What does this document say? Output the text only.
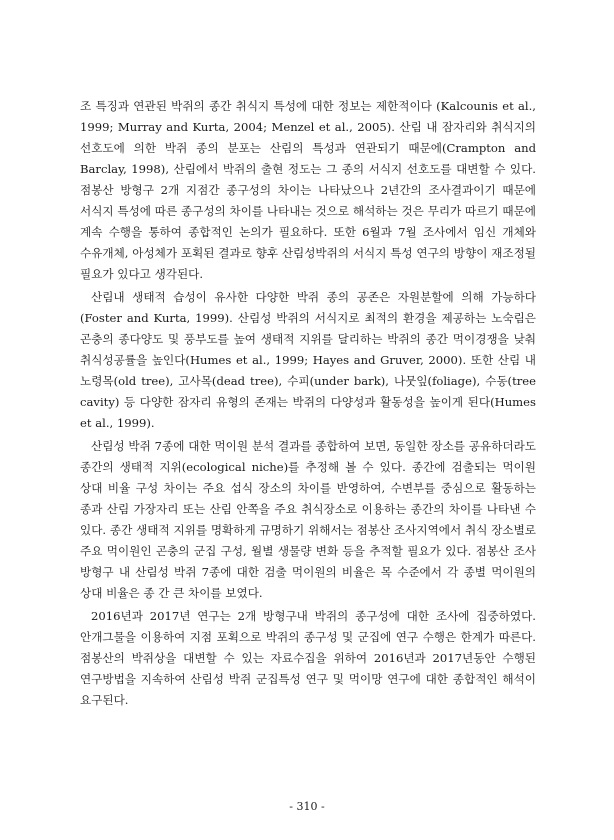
조 특징과 연관된 박쥐의 종간 취식지 특성에 대한 정보는 제한적이다 (Kalcounis et al., 1999; Murray and Kurta, 2004; Menzel et al., 2005). 산림 내 잠자리와 취식지의 선호도에 의한 박쥐 종의 분포는 산림의 특성과 연관되기 때문에(Crampton and Barclay, 1998), 산림에서 박쥐의 출현 정도는 그 종의 서식지 선호도를 대변할 수 있다. 점봉산 방형구 2개 지점간 종구성의 차이는 나타났으나 2년간의 조사결과이기 때문에 서식지 특성에 따른 종구성의 차이를 나타내는 것으로 해석하는 것은 무리가 따르기 때문에 계속 수행을 통하여 종합적인 논의가 필요하다. 또한 6월과 7월 조사에서 임신 개체와 수유개체, 아성체가 포획된 결과로 향후 산림성박쥐의 서식지 특성 연구의 방향이 재조정될 필요가 있다고 생각된다.

산림내 생태적 습성이 유사한 다양한 박쥐 종의 공존은 자원분할에 의해 가능하다(Foster and Kurta, 1999). 산림성 박쥐의 서식지로 최적의 환경을 제공하는 노숙림은 곤충의 종다양도 및 풍부도를 높여 생태적 지위를 달리하는 박쥐의 종간 먹이경쟁을 낮춰 취식성공률을 높인다(Humes et al., 1999; Hayes and Gruver, 2000). 또한 산림 내 노령목(old tree), 고사목(dead tree), 수피(under bark), 나뭇잎(foliage), 수동(tree cavity) 등 다양한 잠자리 유형의 존재는 박쥐의 다양성과 활동성을 높이게 된다(Humes et al., 1999).

산림성 박쥐 7종에 대한 먹이원 분석 결과를 종합하여 보면, 동일한 장소를 공유하더라도 종간의 생태적 지위(ecological niche)를 추정해 볼 수 있다. 종간에 검출되는 먹이원 상대 비율 구성 차이는 주요 섭식 장소의 차이를 반영하여, 수변부를 중심으로 활동하는 종과 산림 가장자리 또는 산림 안쪽을 주요 취식장소로 이용하는 종간의 차이를 나타낸 수 있다. 종간 생태적 지위를 명확하게 규명하기 위해서는 점봉산 조사지역에서 취식 장소별로 주요 먹이원인 곤충의 군집 구성, 월별 생물량 변화 등을 추적할 필요가 있다. 점봉산 조사 방형구 내 산림성 박쥐 7종에 대한 검출 먹이원의 비율은 목 수준에서 각 종별 먹이원의 상대 비율은 종 간 큰 차이를 보였다.

2016년과 2017년 연구는 2개 방형구내 박쥐의 종구성에 대한 조사에 집중하였다. 안개그물을 이용하여 지점 포획으로 박쥐의 종구성 및 군집에 연구 수행은 한계가 따른다. 점봉산의 박쥐상을 대변할 수 있는 자료수집을 위하여 2016년과 2017년동안 수행된 연구방법을 지속하여 산림성 박쥐 군집특성 연구 및 먹이망 연구에 대한 종합적인 해석이 요구된다.

- 310 -
